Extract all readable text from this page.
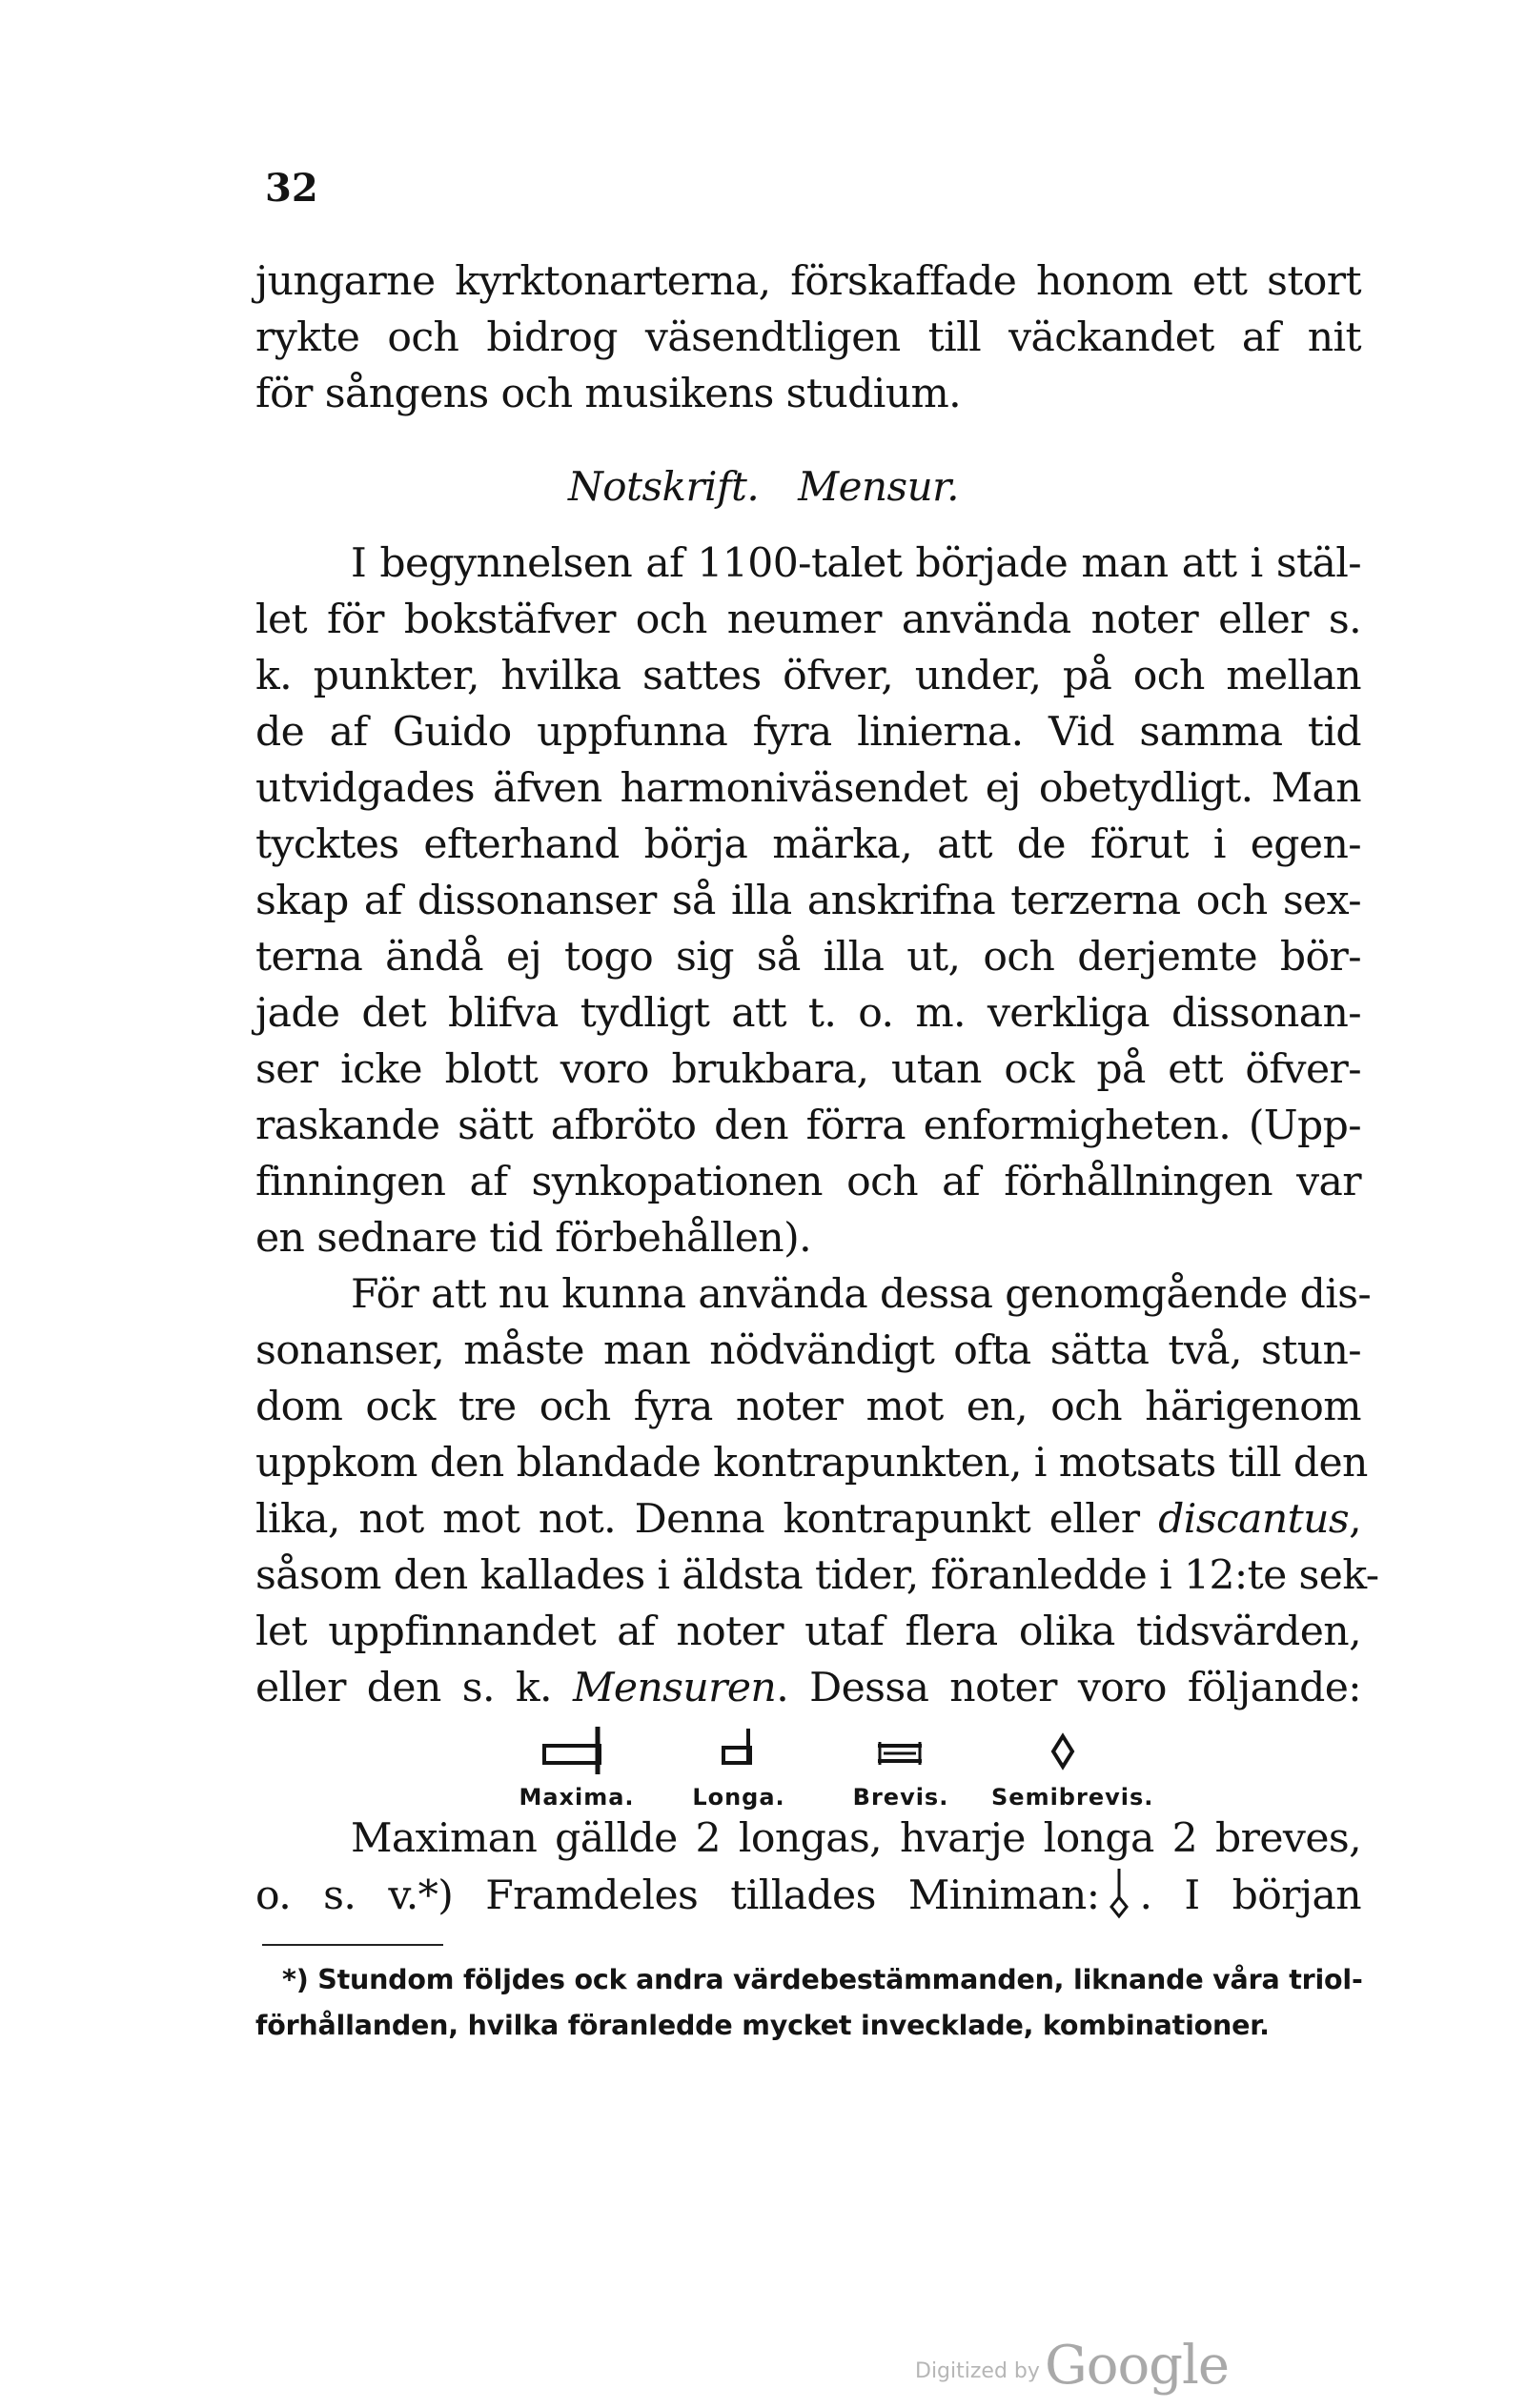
32
jungarne kyrktonarterna, förskaffade honom ett stort
rykte och bidrog väsendtligen till väckandet af nit
för sångens och musikens studium.
Notskrift. Mensur.
I begynnelsen af 1100-talet började man att i stäl-
let för bokstäfver och neumer använda noter eller s.
k. punkter, hvilka sattes öfver, under, på och mellan
de af Guido uppfunna fyra linierna. Vid samma tid
utvidgades äfven harmoniväsendet ej obetydligt. Man
tycktes efterhand börja märka, att de förut i egen-
skap af dissonanser så illa anskrifna terzerna och sex-
terna ändå ej togo sig så illa ut, och derjemte bör-
jade det blifva tydligt att t. o. m. verkliga dissonan-
ser icke blott voro brukbara, utan ock på ett öfver-
raskande sätt afbröto den förra enformigheten. (Upp-
finningen af synkopationen och af förhållningen var
en sednare tid förbehållen).
För att nu kunna använda dessa genomgående dis-
sonanser, måste man nödvändigt ofta sätta två, stun-
dom ock tre och fyra noter mot en, och härigenom
uppkom den blandade kontrapunkten, i motsats till den
lika, not mot not. Denna kontrapunkt eller discantus,
såsom den kallades i äldsta tider, föranledde i 12:te sek-
let uppfinnandet af noter utaf flera olika tidsvärden,
eller den s. k. Mensuren. Dessa noter voro följande:
Maxima.	Longa.	Brevis.	Semibrevis.
Maximan gällde 2 longas, hvarje longa 2 breves,
o. s. v.*) Framdeles tillades Miniman: . I början
*) Stundom följdes ock andra värdebestämmanden, liknande våra triol-
förhållanden, hvilka föranledde mycket invecklade, kombinationer.
Digitized by Google
